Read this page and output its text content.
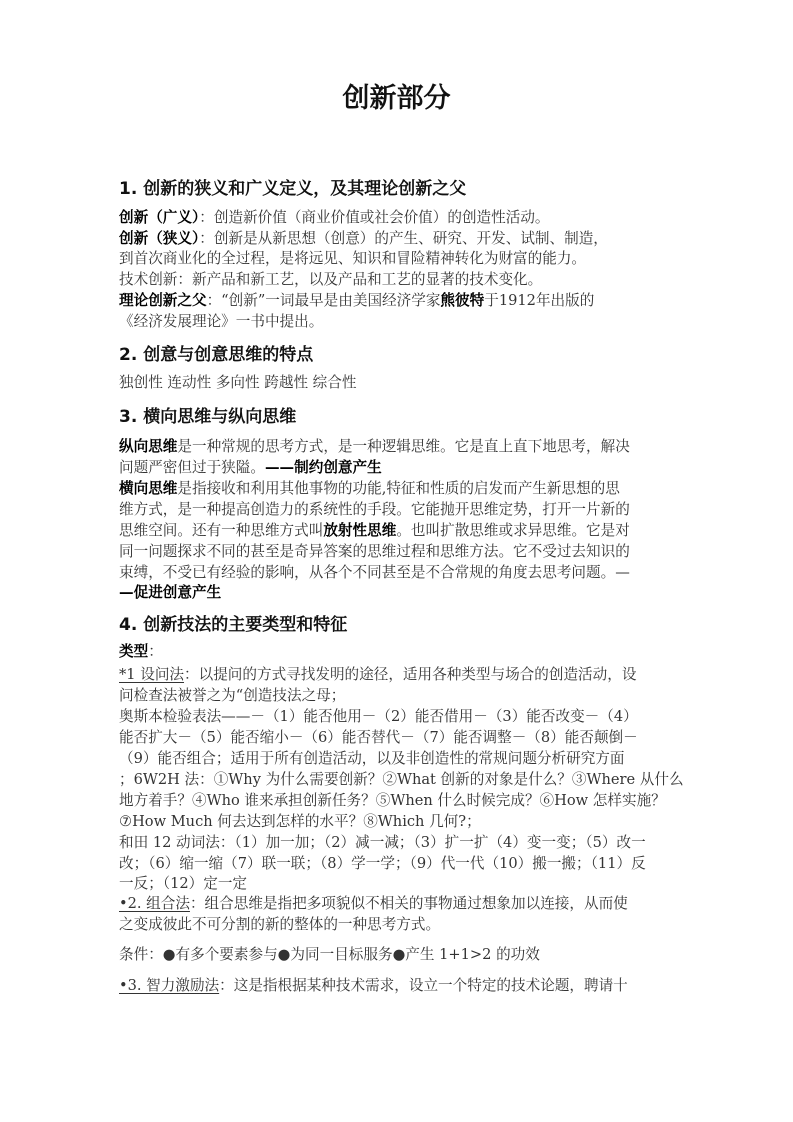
创新部分
1. 创新的狭义和广义定义，及其理论创新之父
2. 创意与创意思维的特点
3. 横向思维与纵向思维
4. 创新技法的主要类型和特征
创新（广义）：创造新价值（商业价值或社会价值）的创造性活动。
创新（狭义）：创新是从新思想（创意）的产生、研究、开发、试制、制造，
到首次商业化的全过程，是将远见、知识和冒险精神转化为财富的能力。
技术创新：新产品和新工艺，以及产品和工艺的显著的技术变化。
理论创新之父：“创新”一词最早是由美国经济学家熊彼特于1912年出版的
《经济发展理论》一书中提出。
独创性 连动性 多向性 跨越性 综合性
纵向思维是一种常规的思考方式，是一种逻辑思维。它是直上直下地思考，解决
问题严密但过于狭隘。——制约创意产生
横向思维是指接收和利用其他事物的功能,特征和性质的启发而产生新思想的思
维方式，是一种提高创造力的系统性的手段。它能抛开思维定势，打开一片新的
思维空间。还有一种思维方式叫放射性思维。也叫扩散思维或求异思维。它是对
同一问题探求不同的甚至是奇异答案的思维过程和思维方法。它不受过去知识的
束缚，不受已有经验的影响，从各个不同甚至是不合常规的角度去思考问题。—
—促进创意产生
类型：
*1 设问法：以提问的方式寻找发明的途径，适用各种类型与场合的创造活动，设
问检查法被誉之为“创造技法之母；
奥斯本检验表法——－（1）能否他用－（2）能否借用－（3）能否改变－（4）
能否扩大－（5）能否缩小－（6）能否替代－（7）能否调整－（8）能否颠倒－
（9）能否组合；适用于所有创造活动，以及非创造性的常规问题分析研究方面
；6W2H 法：①Why 为什么需要创新？②What 创新的对象是什么？③Where 从什么
地方着手？④Who 谁来承担创新任务？⑤When 什么时候完成？⑥How 怎样实施？
⑦How Much 何去达到怎样的水平？⑧Which 几何?；
和田 12 动词法：（1）加一加；（2）减一减；（3）扩一扩（4）变一变；（5）改一
改；（6）缩一缩（7）联一联；（8）学一学；（9）代一代（10）搬一搬；（11）反
一反；（12）定一定
•2. 组合法：组合思维是指把多项貌似不相关的事物通过想象加以连接，从而使
之变成彼此不可分割的新的整体的一种思考方式。
条件：●有多个要素参与●为同一目标服务●产生 1+1>2 的功效
•3. 智力激励法：这是指根据某种技术需求，设立一个特定的技术论题，聘请十
